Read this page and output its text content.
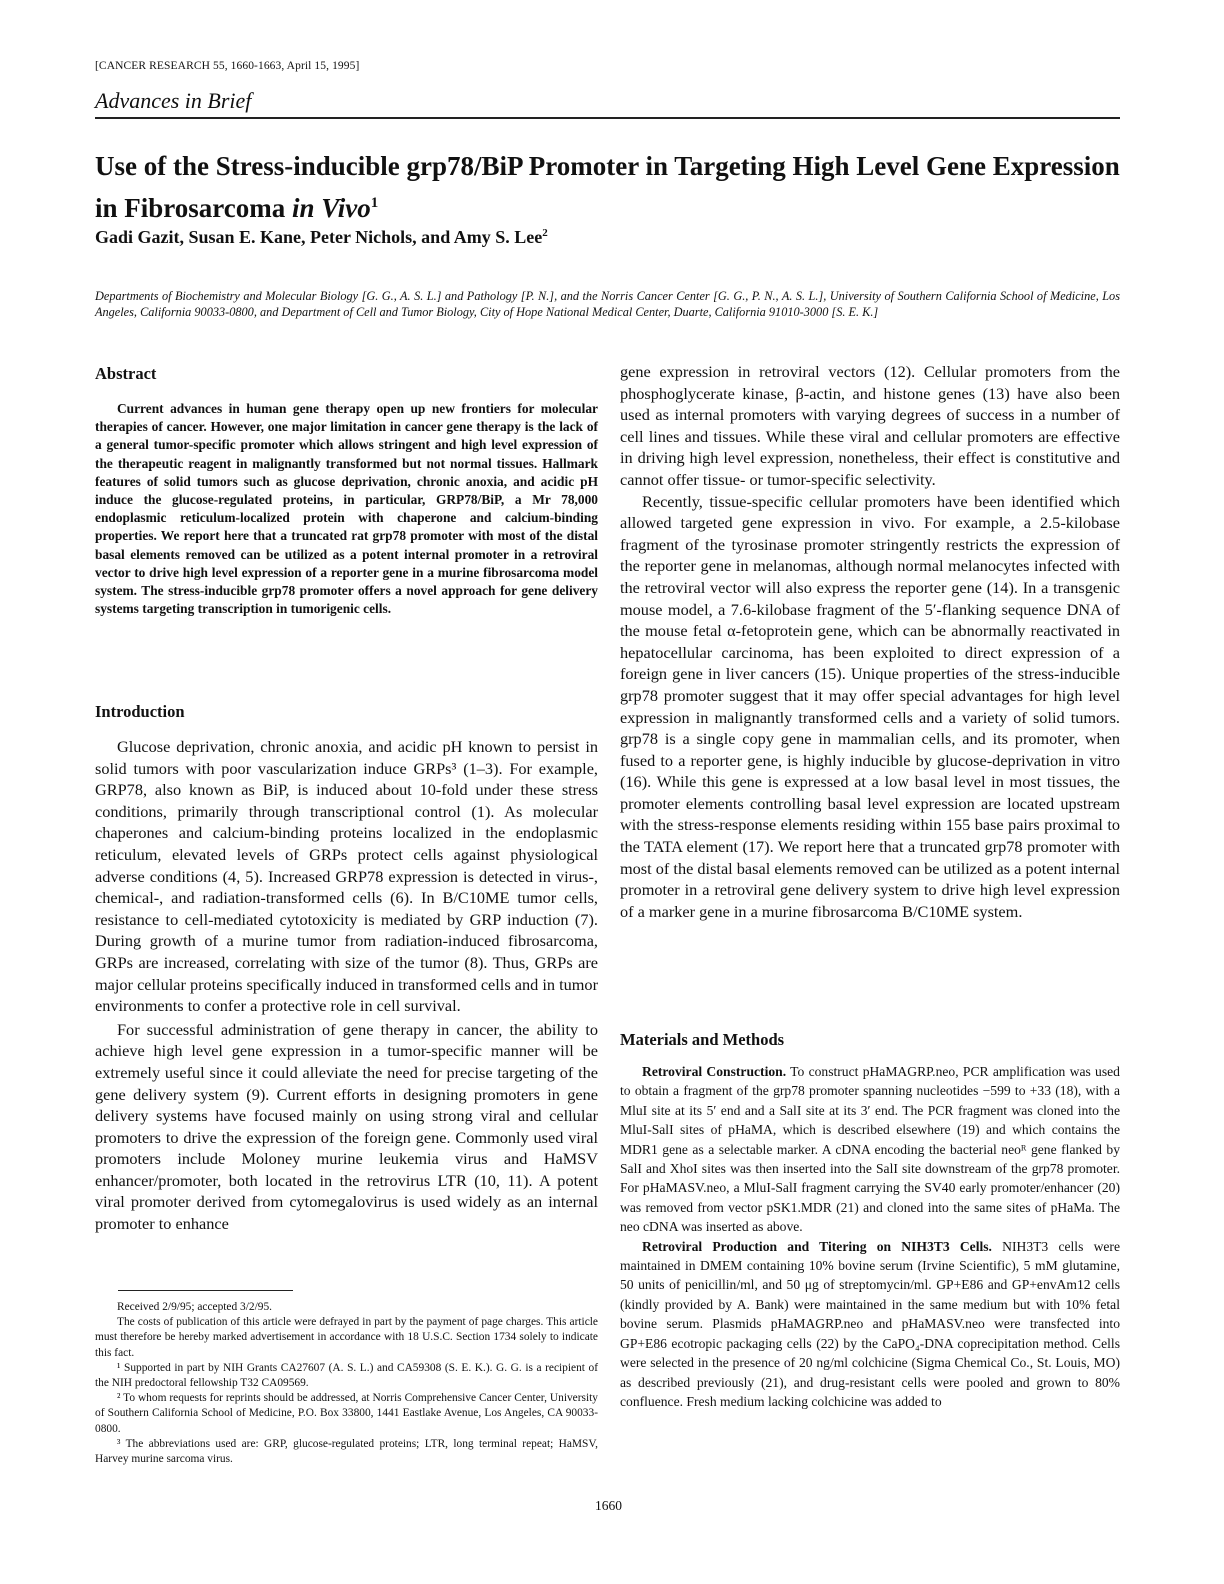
[CANCER RESEARCH 55, 1660-1663, April 15, 1995]
Advances in Brief
Use of the Stress-inducible grp78/BiP Promoter in Targeting High Level Gene Expression in Fibrosarcoma in Vivo$^1$
Gadi Gazit, Susan E. Kane, Peter Nichols, and Amy S. Lee$^2$
Departments of Biochemistry and Molecular Biology [G. G., A. S. L.] and Pathology [P. N.], and the Norris Cancer Center [G. G., P. N., A. S. L.], University of Southern California School of Medicine, Los Angeles, California 90033-0800, and Department of Cell and Tumor Biology, City of Hope National Medical Center, Duarte, California 91010-3000 [S. E. K.]
Abstract

Current advances in human gene therapy open up new frontiers for molecular therapies of cancer. However, one major limitation in cancer gene therapy is the lack of a general tumor-specific promoter which allows stringent and high level expression of the therapeutic reagent in malignantly transformed but not normal tissues. Hallmark features of solid tumors such as glucose deprivation, chronic anoxia, and acidic pH induce the glucose-regulated proteins, in particular, GRP78/BiP, a Mr 78,000 endoplasmic reticulum-localized protein with chaperone and calcium-binding properties. We report here that a truncated rat grp78 promoter with most of the distal basal elements removed can be utilized as a potent internal promoter in a retroviral vector to drive high level expression of a reporter gene in a murine fibrosarcoma model system. The stress-inducible grp78 promoter offers a novel approach for gene delivery systems targeting transcription in tumorigenic cells.

Introduction

Glucose deprivation, chronic anoxia, and acidic pH known to persist in solid tumors with poor vascularization induce GRPs³ (1–3). For example, GRP78, also known as BiP, is induced about 10-fold under these stress conditions, primarily through transcriptional control (1). As molecular chaperones and calcium-binding proteins localized in the endoplasmic reticulum, elevated levels of GRPs protect cells against physiological adverse conditions (4, 5). Increased GRP78 expression is detected in virus-, chemical-, and radiation-transformed cells (6). In B/C10ME tumor cells, resistance to cell-mediated cytotoxicity is mediated by GRP induction (7). During growth of a murine tumor from radiation-induced fibrosarcoma, GRPs are increased, correlating with size of the tumor (8). Thus, GRPs are major cellular proteins specifically induced in transformed cells and in tumor environments to confer a protective role in cell survival.

For successful administration of gene therapy in cancer, the ability to achieve high level gene expression in a tumor-specific manner will be extremely useful since it could alleviate the need for precise targeting of the gene delivery system (9). Current efforts in designing promoters in gene delivery systems have focused mainly on using strong viral and cellular promoters to drive the expression of the foreign gene. Commonly used viral promoters include Moloney murine leukemia virus and HaMSV enhancer/promoter, both located in the retrovirus LTR (10, 11). A potent viral promoter derived from cytomegalovirus is used widely as an internal promoter to enhance

Received 2/9/95; accepted 3/2/95.

The costs of publication of this article were defrayed in part by the payment of page charges. This article must therefore be hereby marked advertisement in accordance with 18 U.S.C. Section 1734 solely to indicate this fact.

¹ Supported in part by NIH Grants CA27607 (A. S. L.) and CA59308 (S. E. K.). G. G. is a recipient of the NIH predoctoral fellowship T32 CA09569.

² To whom requests for reprints should be addressed, at Norris Comprehensive Cancer Center, University of Southern California School of Medicine, P.O. Box 33800, 1441 Eastlake Avenue, Los Angeles, CA 90033-0800.

³ The abbreviations used are: GRP, glucose-regulated proteins; LTR, long terminal repeat; HaMSV, Harvey murine sarcoma virus.

gene expression in retroviral vectors (12). Cellular promoters from the phosphoglycerate kinase, β-actin, and histone genes (13) have also been used as internal promoters with varying degrees of success in a number of cell lines and tissues. While these viral and cellular promoters are effective in driving high level expression, nonetheless, their effect is constitutive and cannot offer tissue- or tumor-specific selectivity.

Recently, tissue-specific cellular promoters have been identified which allowed targeted gene expression in vivo. For example, a 2.5-kilobase fragment of the tyrosinase promoter stringently restricts the expression of the reporter gene in melanomas, although normal melanocytes infected with the retroviral vector will also express the reporter gene (14). In a transgenic mouse model, a 7.6-kilobase fragment of the 5′-flanking sequence DNA of the mouse fetal α-fetoprotein gene, which can be abnormally reactivated in hepatocellular carcinoma, has been exploited to direct expression of a foreign gene in liver cancers (15). Unique properties of the stress-inducible grp78 promoter suggest that it may offer special advantages for high level expression in malignantly transformed cells and a variety of solid tumors. grp78 is a single copy gene in mammalian cells, and its promoter, when fused to a reporter gene, is highly inducible by glucose-deprivation in vitro (16). While this gene is expressed at a low basal level in most tissues, the promoter elements controlling basal level expression are located upstream with the stress-response elements residing within 155 base pairs proximal to the TATA element (17). We report here that a truncated grp78 promoter with most of the distal basal elements removed can be utilized as a potent internal promoter in a retroviral gene delivery system to drive high level expression of a marker gene in a murine fibrosarcoma B/C10ME system.

Materials and Methods

Retroviral Construction. To construct pHaMAGRP.neo, PCR amplification was used to obtain a fragment of the grp78 promoter spanning nucleotides −599 to +33 (18), with a MluI site at its 5′ end and a SalI site at its 3′ end. The PCR fragment was cloned into the MluI-SalI sites of pHaMA, which is described elsewhere (19) and which contains the MDR1 gene as a selectable marker. A cDNA encoding the bacterial neoᴿ gene flanked by SalI and XhoI sites was then inserted into the SalI site downstream of the grp78 promoter. For pHaMASV.neo, a MluI-SalI fragment carrying the SV40 early promoter/enhancer (20) was removed from vector pSK1.MDR (21) and cloned into the same sites of pHaMa. The neo cDNA was inserted as above.

Retroviral Production and Titering on NIH3T3 Cells. NIH3T3 cells were maintained in DMEM containing 10% bovine serum (Irvine Scientific), 5 mM glutamine, 50 units of penicillin/ml, and 50 μg of streptomycin/ml. GP+E86 and GP+envAm12 cells (kindly provided by A. Bank) were maintained in the same medium but with 10% fetal bovine serum. Plasmids pHaMAGRP.neo and pHaMASV.neo were transfected into GP+E86 ecotropic packaging cells (22) by the CaPO₄-DNA coprecipitation method. Cells were selected in the presence of 20 ng/ml colchicine (Sigma Chemical Co., St. Louis, MO) as described previously (21), and drug-resistant cells were pooled and grown to 80% confluence. Fresh medium lacking colchicine was added to

1660
